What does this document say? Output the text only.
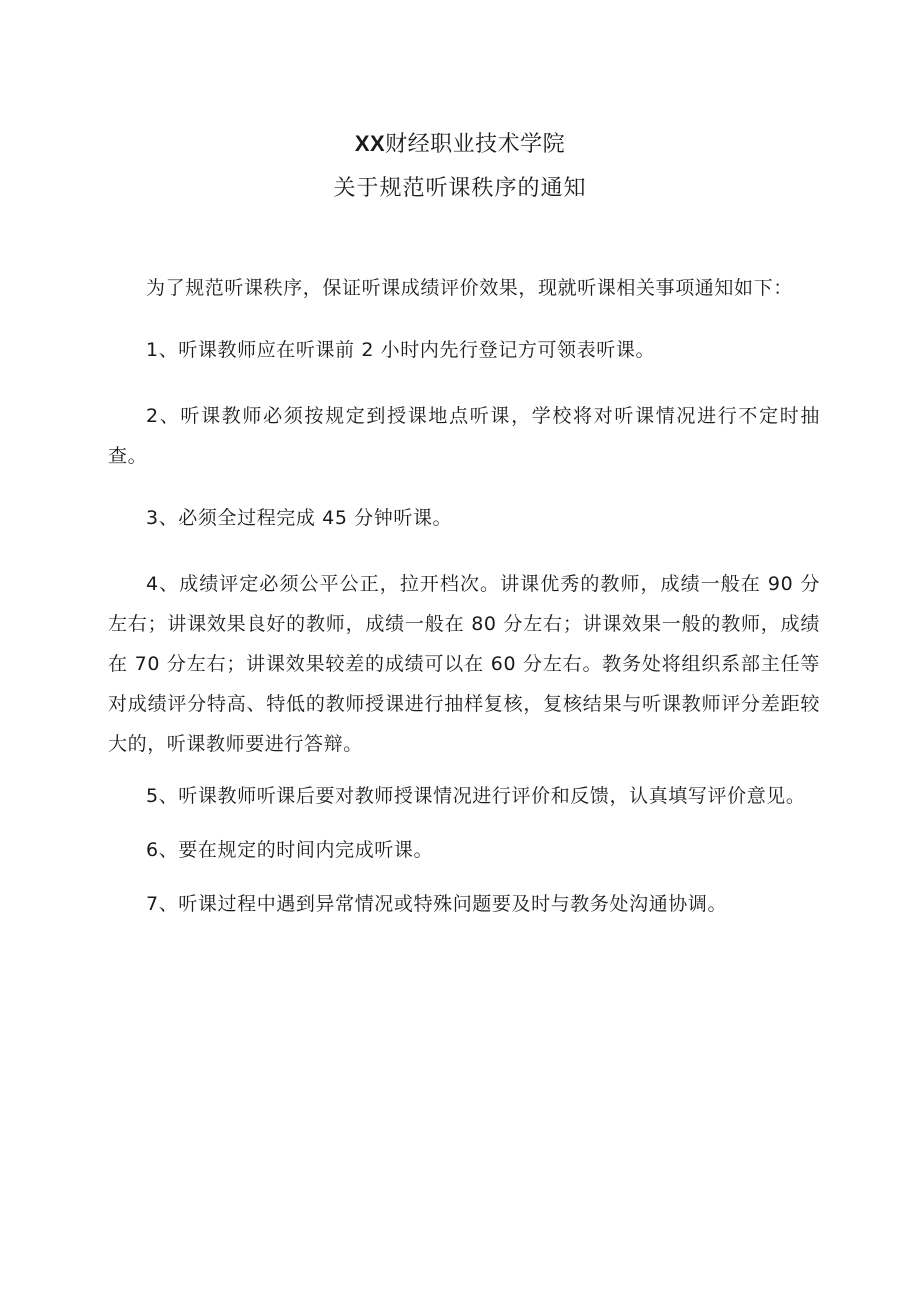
XX财经职业技术学院
关于规范听课秩序的通知

为了规范听课秩序，保证听课成绩评价效果，现就听课相关事项通知如下：

1、听课教师应在听课前 2 小时内先行登记方可领表听课。

2、听课教师必须按规定到授课地点听课，学校将对听课情况进行不定时抽查。

3、必须全过程完成 45 分钟听课。

4、成绩评定必须公平公正，拉开档次。讲课优秀的教师，成绩一般在 90 分左右；讲课效果良好的教师，成绩一般在 80 分左右；讲课效果一般的教师，成绩在 70 分左右；讲课效果较差的成绩可以在 60 分左右。教务处将组织系部主任等对成绩评分特高、特低的教师授课进行抽样复核，复核结果与听课教师评分差距较大的，听课教师要进行答辩。

5、听课教师听课后要对教师授课情况进行评价和反馈，认真填写评价意见。

6、要在规定的时间内完成听课。

7、听课过程中遇到异常情况或特殊问题要及时与教务处沟通协调。
